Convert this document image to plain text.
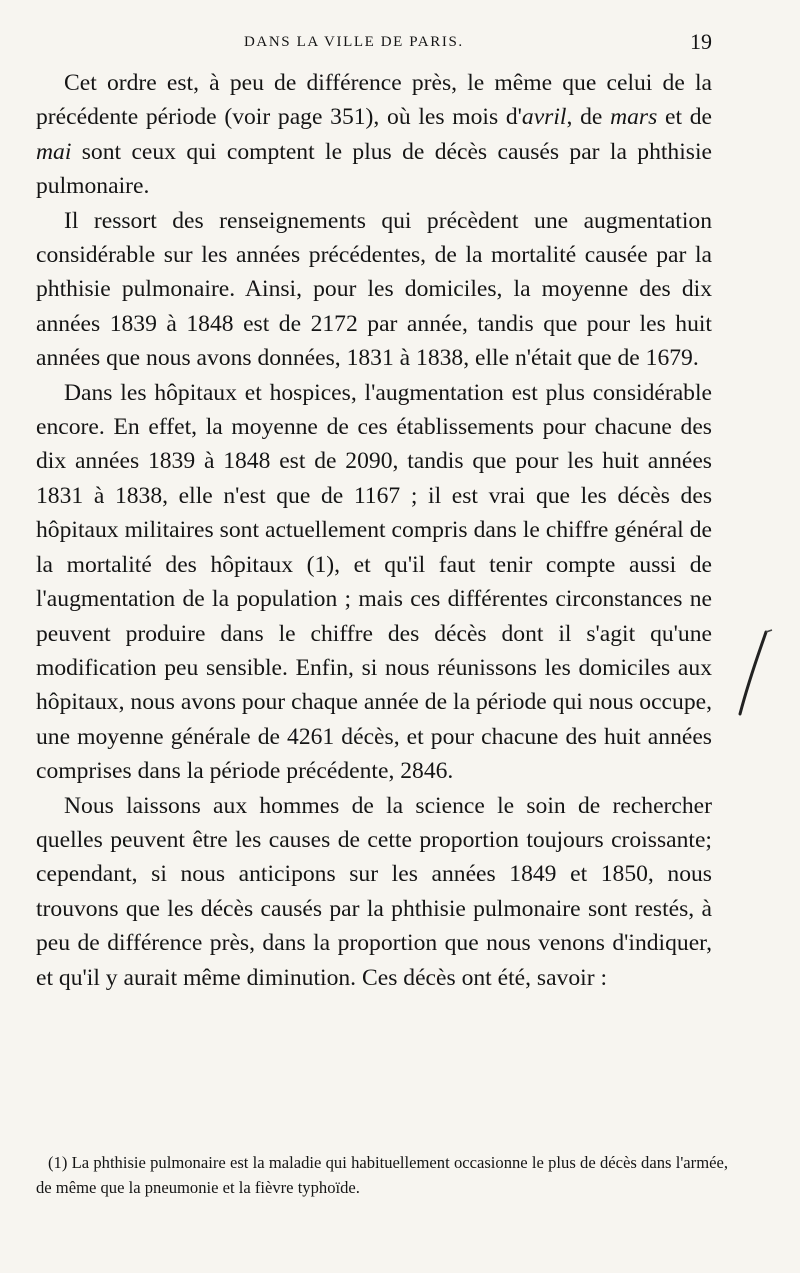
DANS LA VILLE DE PARIS.	19

Cet ordre est, à peu de différence près, le même que celui de la précédente période (voir page 351), où les mois d'avril, de mars et de mai sont ceux qui comptent le plus de décès causés par la phthisie pulmonaire.

Il ressort des renseignements qui précèdent une augmentation considérable sur les années précédentes, de la mortalité causée par la phthisie pulmonaire. Ainsi, pour les domiciles, la moyenne des dix années 1839 à 1848 est de 2172 par année, tandis que pour les huit années que nous avons données, 1831 à 1838, elle n'était que de 1679.

Dans les hôpitaux et hospices, l'augmentation est plus considérable encore. En effet, la moyenne de ces établissements pour chacune des dix années 1839 à 1848 est de 2090, tandis que pour les huit années 1831 à 1838, elle n'est que de 1167 ; il est vrai que les décès des hôpitaux militaires sont actuellement compris dans le chiffre général de la mortalité des hôpitaux (1), et qu'il faut tenir compte aussi de l'augmentation de la population ; mais ces différentes circonstances ne peuvent produire dans le chiffre des décès dont il s'agit qu'une modification peu sensible. Enfin, si nous réunissons les domiciles aux hôpitaux, nous avons pour chaque année de la période qui nous occupe, une moyenne générale de 4261 décès, et pour chacune des huit années comprises dans la période précédente, 2846.

Nous laissons aux hommes de la science le soin de rechercher quelles peuvent être les causes de cette proportion toujours croissante; cependant, si nous anticipons sur les années 1849 et 1850, nous trouvons que les décès causés par la phthisie pulmonaire sont restés, à peu de différence près, dans la proportion que nous venons d'indiquer, et qu'il y aurait même diminution. Ces décès ont été, savoir :

(1) La phthisie pulmonaire est la maladie qui habituellement occasionne le plus de décès dans l'armée, de même que la pneumonie et la fièvre typhoïde.
